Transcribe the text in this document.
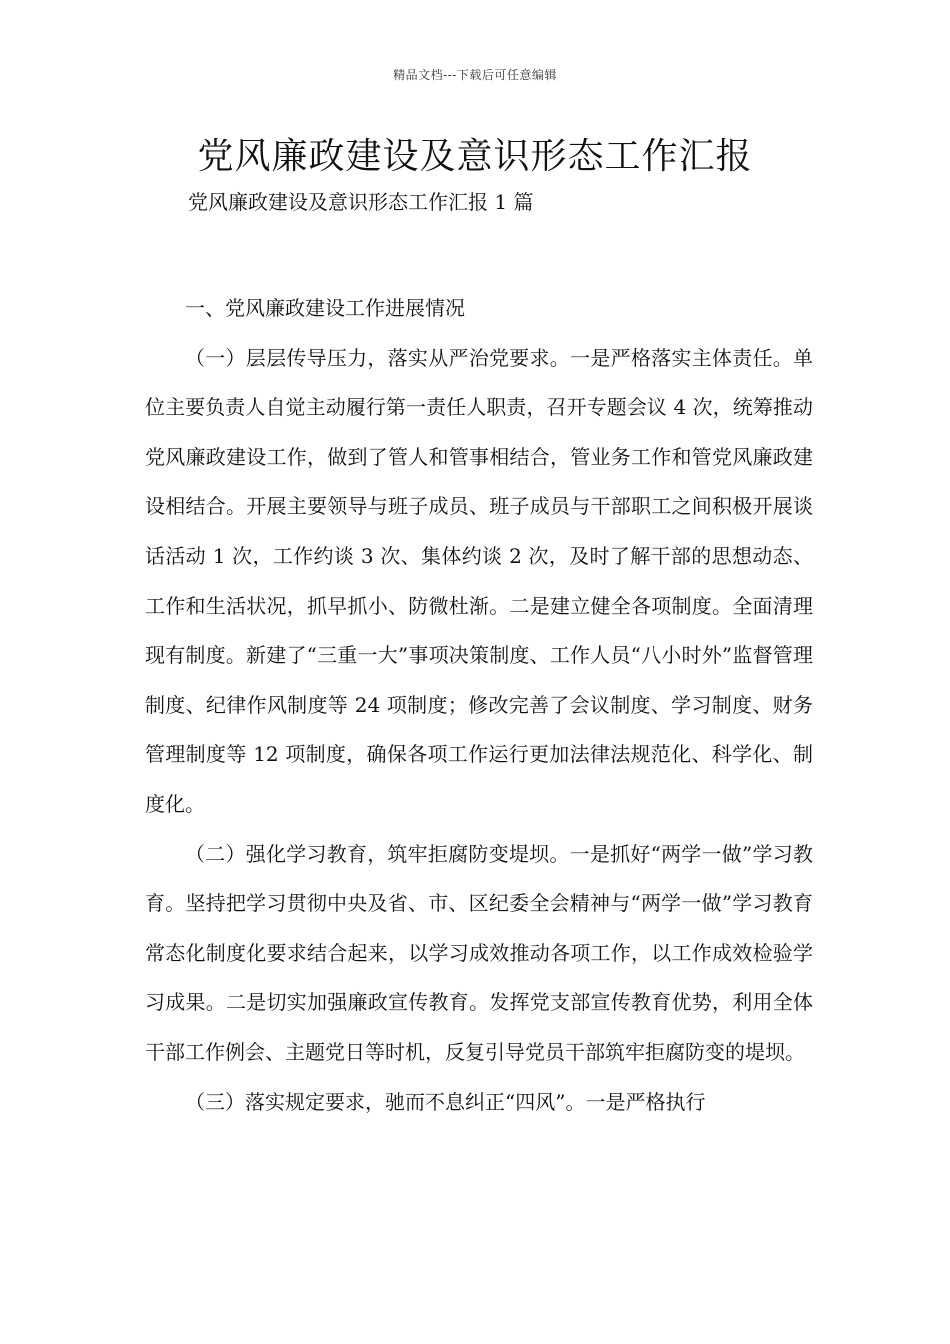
精品文档---下载后可任意编辑
党风廉政建设及意识形态工作汇报
党风廉政建设及意识形态工作汇报 1 篇

一、党风廉政建设工作进展情况

（一）层层传导压力，落实从严治党要求。一是严格落实主体责任。单位主要负责人自觉主动履行第一责任人职责，召开专题会议 4 次，统筹推动党风廉政建设工作，做到了管人和管事相结合，管业务工作和管党风廉政建设相结合。开展主要领导与班子成员、班子成员与干部职工之间积极开展谈话活动 1 次，工作约谈 3 次、集体约谈 2 次，及时了解干部的思想动态、工作和生活状况，抓早抓小、防微杜渐。二是建立健全各项制度。全面清理现有制度。新建了“三重一大”事项决策制度、工作人员“八小时外”监督管理制度、纪律作风制度等 24 项制度；修改完善了会议制度、学习制度、财务管理制度等 12 项制度，确保各项工作运行更加法律法规范化、科学化、制度化。

（二）强化学习教育，筑牢拒腐防变堤坝。一是抓好“两学一做”学习教育。坚持把学习贯彻中央及省、市、区纪委全会精神与“两学一做”学习教育常态化制度化要求结合起来，以学习成效推动各项工作，以工作成效检验学习成果。二是切实加强廉政宣传教育。发挥党支部宣传教育优势，利用全体干部工作例会、主题党日等时机，反复引导党员干部筑牢拒腐防变的堤坝。

（三）落实规定要求，驰而不息纠正“四风”。一是严格执行
